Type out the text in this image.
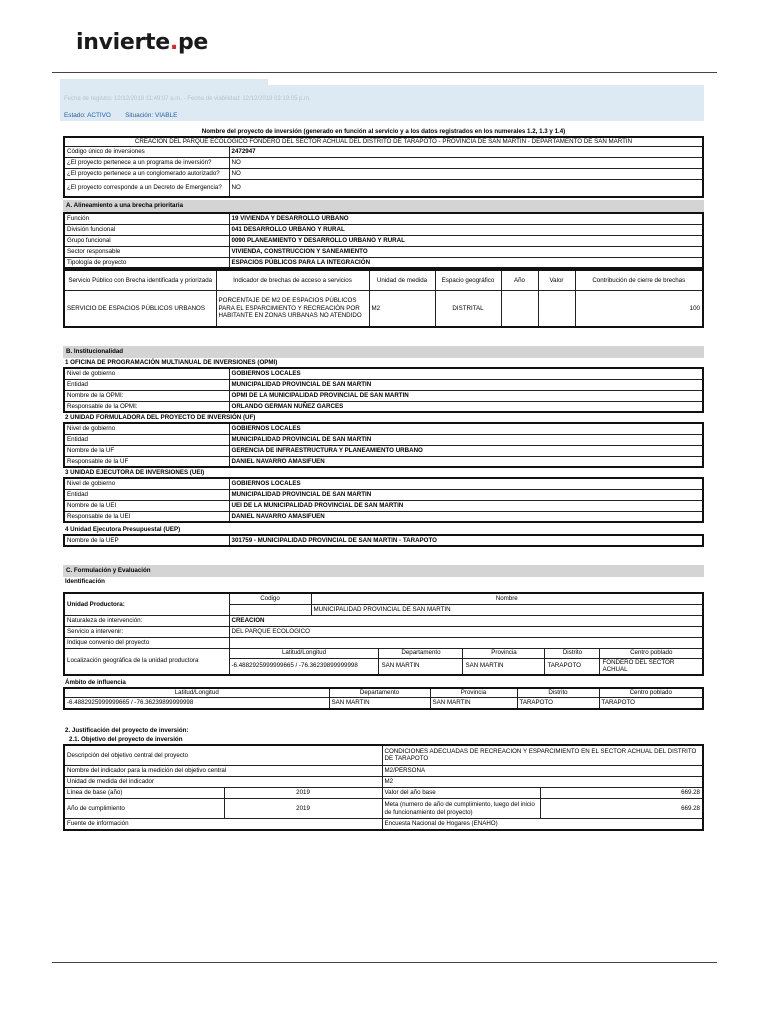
invierte.pe
Fecha de registro: 12/12/2019 11:49:07 a.m. - Fecha de viabilidad: 12/12/2019 03:19:05 p.m.
Estado: ACTIVO Situación: VIABLE
Nombre del proyecto de inversión (generado en función al servicio y a los datos registrados en los numerales 1.2, 1.3 y 1.4)
CREACION DEL PARQUE ECOLOGICO FONDERO DEL SECTOR ACHUAL DEL DISTRITO DE TARAPOTO - PROVINCIA DE SAN MARTIN - DEPARTAMENTO DE SAN MARTIN	
Código único de inversiones	2472947
¿El proyecto pertenece a un programa de inversión?	NO
¿El proyecto pertenece a un conglomerado autorizado?	NO
¿El proyecto corresponde a un Decreto de Emergencia?	NO
A. Alineamiento a una brecha prioritaria
Función	19 VIVIENDA Y DESARROLLO URBANO
División funcional	041 DESARROLLO URBANO Y RURAL
Grupo funcional	0090 PLANEAMIENTO Y DESARROLLO URBANO Y RURAL
Sector responsable	VIVIENDA, CONSTRUCCION Y SANEAMIENTO
Tipología de proyecto	ESPACIOS PÚBLICOS PARA LA INTEGRACIÓN
Servicio Público con Brecha identificada y priorizada	Indicador de brechas de acceso a servicios	Unidad de medida	Espacio geográfico	Año	Valor	Contribución de cierre de brechas
SERVICIO DE ESPACIOS PÚBLICOS URBANOS	PORCENTAJE DE M2 DE ESPACIOS PÚBLICOS PARA EL ESPARCIMIENTO Y RECREACIÓN POR HABITANTE EN ZONAS URBANAS NO ATENDIDO	M2	DISTRITAL			100
B. Institucionalidad
1 OFICINA DE PROGRAMACIÓN MULTIANUAL DE INVERSIONES (OPMI)
Nivel de gobierno	GOBIERNOS LOCALES
Entidad	MUNICIPALIDAD PROVINCIAL DE SAN MARTIN
Nombre de la OPMI:	OPMI DE LA MUNICIPALIDAD PROVINCIAL DE SAN MARTIN
Responsable de la OPMI:	ORLANDO GERMAN NUÑEZ GARCES
2 UNIDAD FORMULADORA DEL PROYECTO DE INVERSIÓN (UF)
Nivel de gobierno	GOBIERNOS LOCALES
Entidad	MUNICIPALIDAD PROVINCIAL DE SAN MARTIN
Nombre de la UF	GERENCIA DE INFRAESTRUCTURA Y PLANEAMIENTO URBANO
Responsable de la UF	DANIEL NAVARRO AMASIFUEN
3 UNIDAD EJECUTORA DE INVERSIONES (UEI)
Nivel de gobierno	GOBIERNOS LOCALES
Entidad	MUNICIPALIDAD PROVINCIAL DE SAN MARTIN
Nombre de la UEI	UEI DE LA MUNICIPALIDAD PROVINCIAL DE SAN MARTIN
Responsable de la UEI	DANIEL NAVARRO AMASIFUEN
4 Unidad Ejecutora Presupuestal (UEP)
Nombre de la UEP	301759 - MUNICIPALIDAD PROVINCIAL DE SAN MARTIN - TARAPOTO
C. Formulación y Evaluación
Identificación
Unidad Productora:	Codigo	Nombre				
		MUNICIPALIDAD PROVINCIAL DE SAN MARTIN				
Naturaleza de intervención:	CREACION					
Servicio a intervenir:	DEL PARQUE ECOLOGICO					
Indique convenio del proyecto						
Localización geográfica de la unidad productora	Latitud/Longitud		Departamento	Provincia	Distrito	Centro poblado
	-6.4882925999999665 / -76.36239899999998		SAN MARTIN	SAN MARTIN	TARAPOTO	FONDERO DEL SECTOR ACHUAL
Ámbito de influencia
Latitud/Longitud	Departamento	Provincia	Distrito	Centro poblado
-6.4882925999999665 / -76.36239899999998	SAN MARTIN	SAN MARTIN	TARAPOTO	TARAPOTO
2. Justificación del proyecto de inversión:
2.1. Objetivo del proyecto de inversión
Descripción del objetivo central del proyecto		CONDICIONES ADECUADAS DE RECREACION Y ESPARCIMIENTO EN EL SECTOR ACHUAL DEL DISTRITO DE TARAPOTO	
Nombre del indicador para la medición del objetivo central		M2/PERSONA	
Unidad de medida del indicador		M2	
Línea de base (año)	2019	Valor del año base	669.28
Año de cumplimiento	2019	Meta (numero de año de cumplimiento, luego del inicio de funcionamiento del proyecto)	669.28
Fuente de información		Encuesta Nacional de Hogares (ENAHO)	
